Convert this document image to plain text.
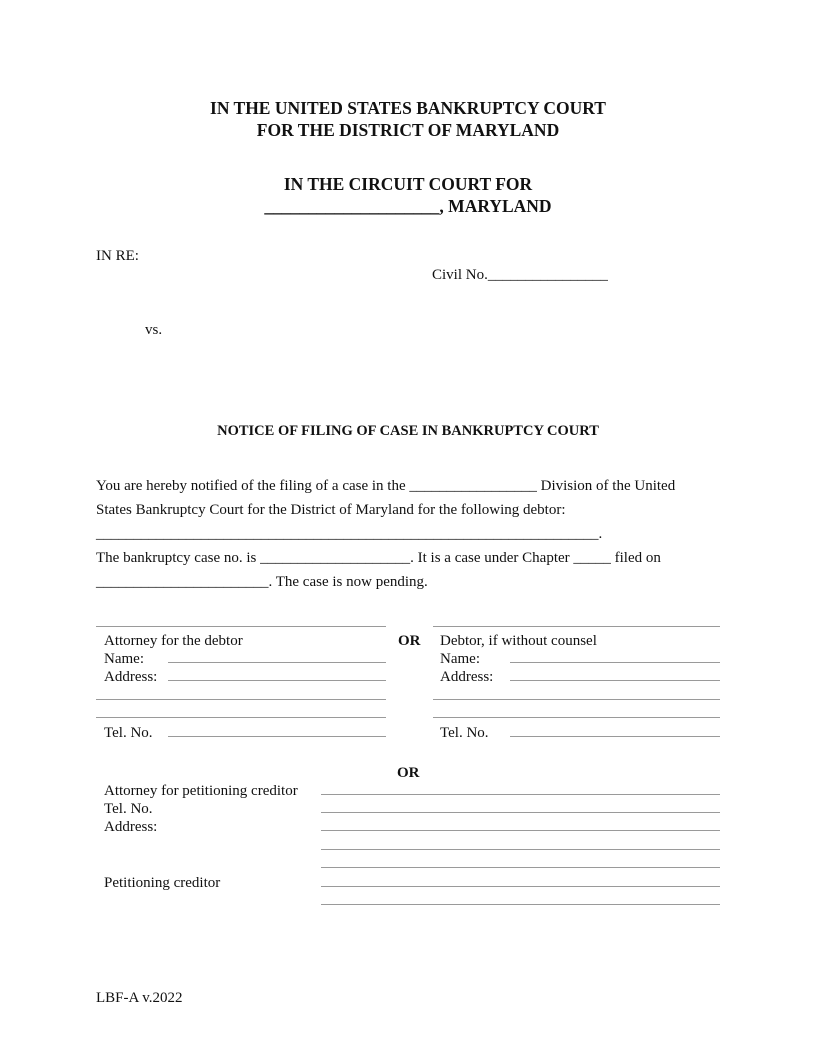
IN THE UNITED STATES BANKRUPTCY COURT
FOR THE DISTRICT OF MARYLAND
IN THE CIRCUIT COURT FOR
____________________, MARYLAND
IN RE:
Civil No.________________
vs.
NOTICE OF FILING OF CASE IN BANKRUPTCY COURT
You are hereby notified of the filing of a case in the _________________ Division of the United
States Bankruptcy Court for the District of Maryland for the following debtor:
___________________________________________________________________.
The bankruptcy case no. is ____________________. It is a case under Chapter _____ filed on
_______________________. The case is now pending.
Attorney for the debtor	OR Debtor, if without counsel
Name:	Name:
Address:	Address:
Tel. No.	Tel. No.
OR
Attorney for petitioning creditor
Tel. No.
Address:
Petitioning creditor
LBF-A v.2022
